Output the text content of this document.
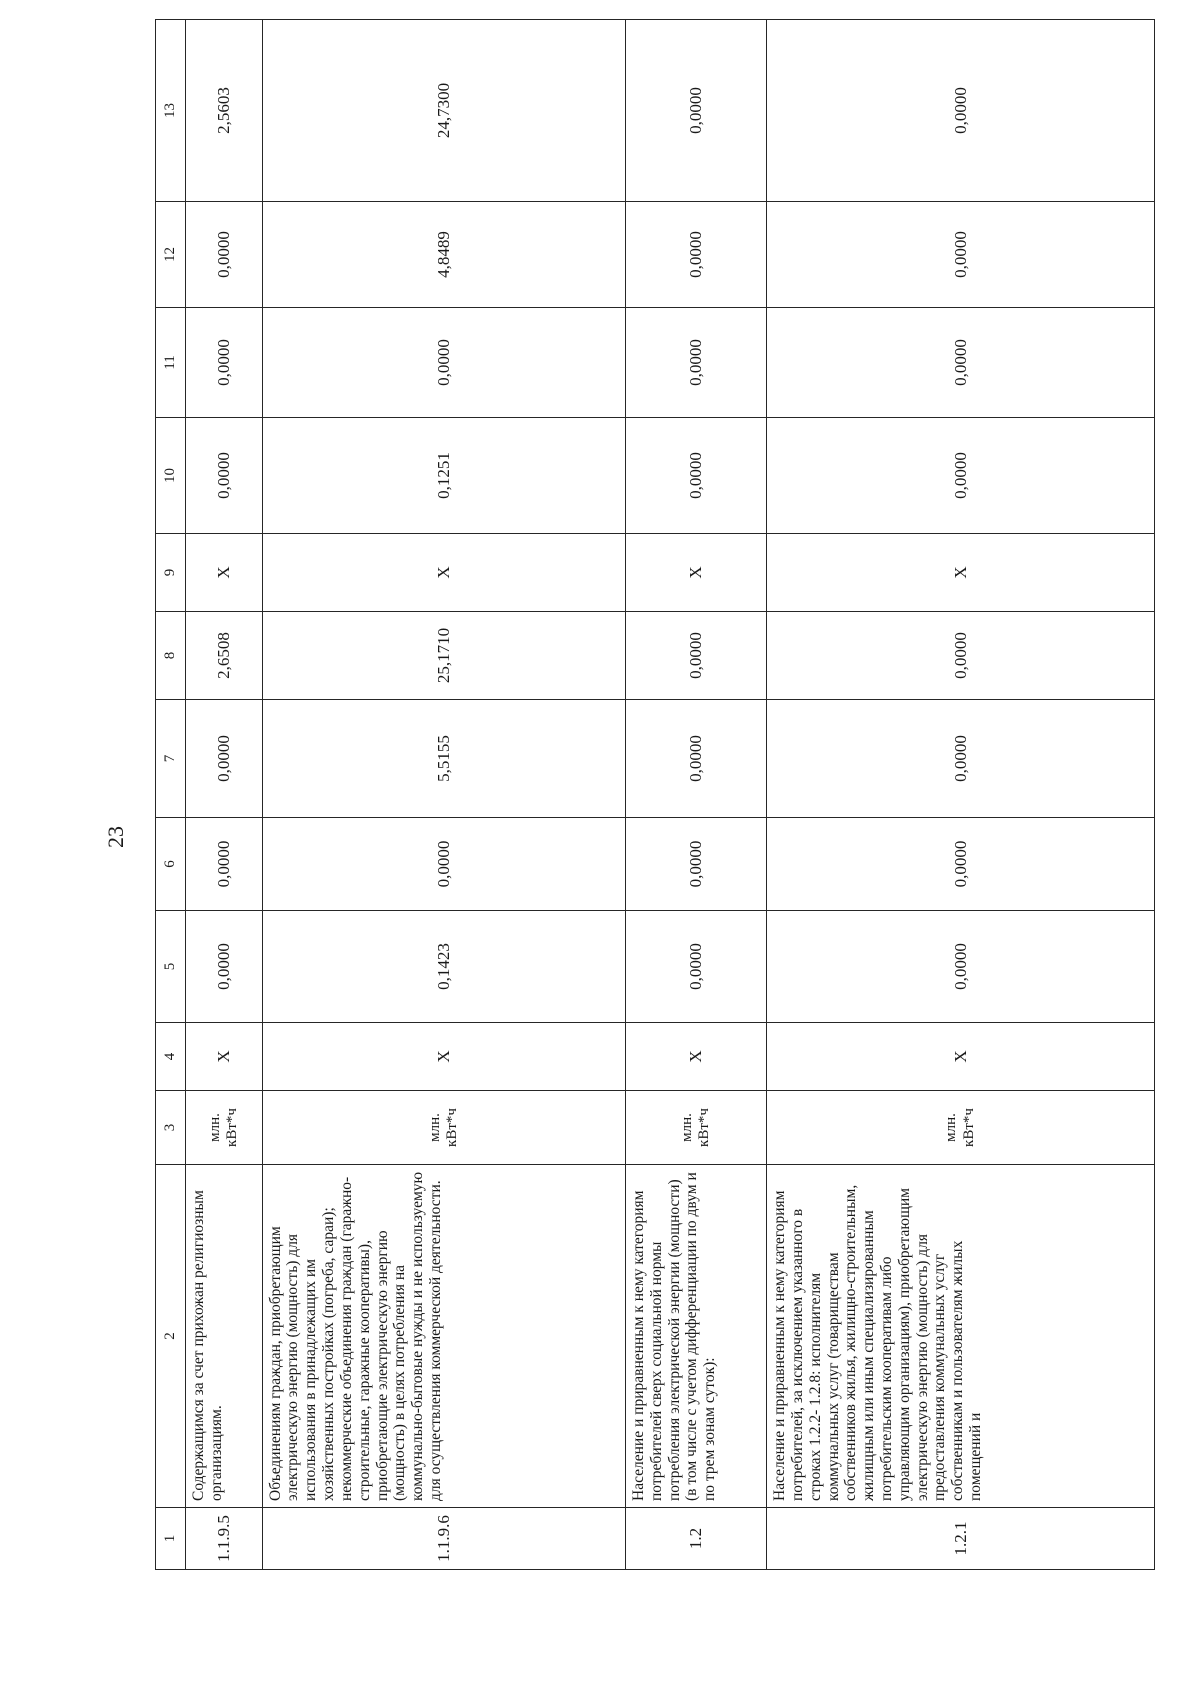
23
1	2	3	4	5	6	7	8	9	10	11	12	13
1.1.9.5	Содержащимся за счет прихожан религиозным организациям.	млн. кВт*ч	X	0,0000	0,0000	0,0000	2,6508	X	0,0000	0,0000	0,0000	2,5603
1.1.9.6	Объединениям граждан, приобретающим электрическую энергию (мощность) для использования в принадлежащих им хозяйственных постройках (погреба, сараи); некоммерческие объединения граждан (гаражно-строительные, гаражные кооперативы), приобретающие электрическую энергию (мощность) в целях потребления на коммунально-бытовые нужды и не используемую для осуществления коммерческой деятельности.	млн. кВт*ч	X	0,1423	0,0000	5,5155	25,1710	X	0,1251	0,0000	4,8489	24,7300
1.2	Население и приравненным к нему категориям потребителей сверх социальной нормы потребления электрической энергии (мощности) (в том числе с учетом дифференциации по двум и по трем зонам суток):	млн. кВт*ч	X	0,0000	0,0000	0,0000	0,0000	X	0,0000	0,0000	0,0000	0,0000
1.2.1	Население и приравненным к нему категориям потребителей, за исключением указанного в строках 1.2.2- 1.2.8: исполнителям коммунальных услуг (товариществам собственников жилья, жилищно-строительным, жилищным или иным специализированным потребительским кооперативам либо управляющим организациям), приобретающим электрическую энергию (мощность) для предоставления коммунальных услуг собственникам и пользователям жилых помещений и	млн. кВт*ч	X	0,0000	0,0000	0,0000	0,0000	X	0,0000	0,0000	0,0000	0,0000
